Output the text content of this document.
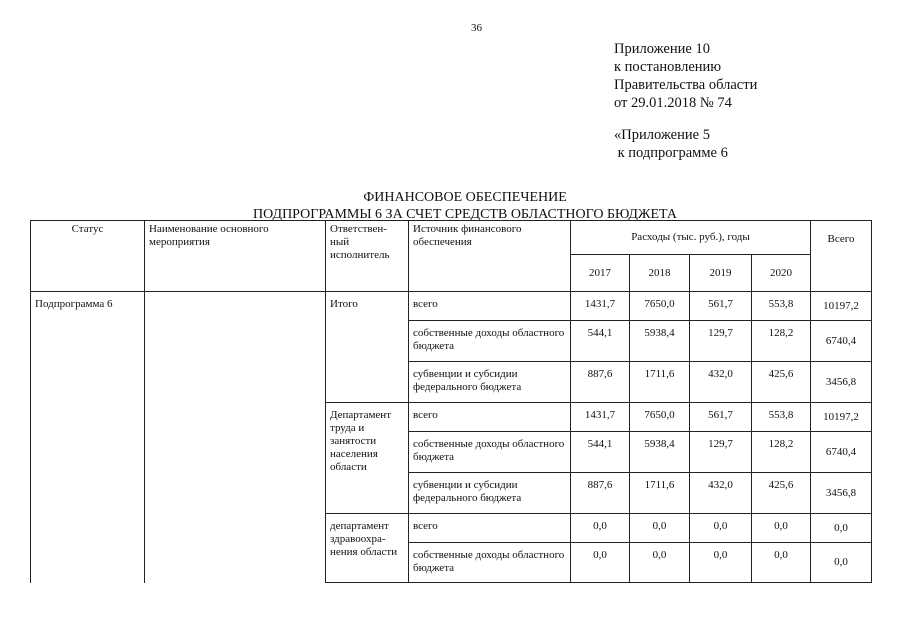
36
Приложение 10
к постановлению
Правительства области
от 29.01.2018 № 74
«Приложение 5
к подпрограмме 6
ФИНАНСОВОЕ ОБЕСПЕЧЕНИЕ
ПОДПРОГРАММЫ 6 ЗА СЧЕТ СРЕДСТВ ОБЛАСТНОГО БЮДЖЕТА
Статус	Наименование основного мероприятия	Ответствен-ный исполнитель	Источник финансового обеспечения	Расходы (тыс. руб.), годы				Всего
				2017	2018	2019	2020	
Подпрограмма 6		Итого	всего	1431,7	7650,0	561,7	553,8	10197,2
			собственные доходы областного бюджета	544,1	5938,4	129,7	128,2	6740,4
			субвенции и субсидии федерального бюджета	887,6	1711,6	432,0	425,6	3456,8
		Департамент труда и занятости населения области	всего	1431,7	7650,0	561,7	553,8	10197,2
			собственные доходы областного бюджета	544,1	5938,4	129,7	128,2	6740,4
			субвенции и субсидии федерального бюджета	887,6	1711,6	432,0	425,6	3456,8
		департамент здравоохра-нения области	всего	0,0	0,0	0,0	0,0	0,0
			собственные доходы областного бюджета	0,0	0,0	0,0	0,0	0,0
